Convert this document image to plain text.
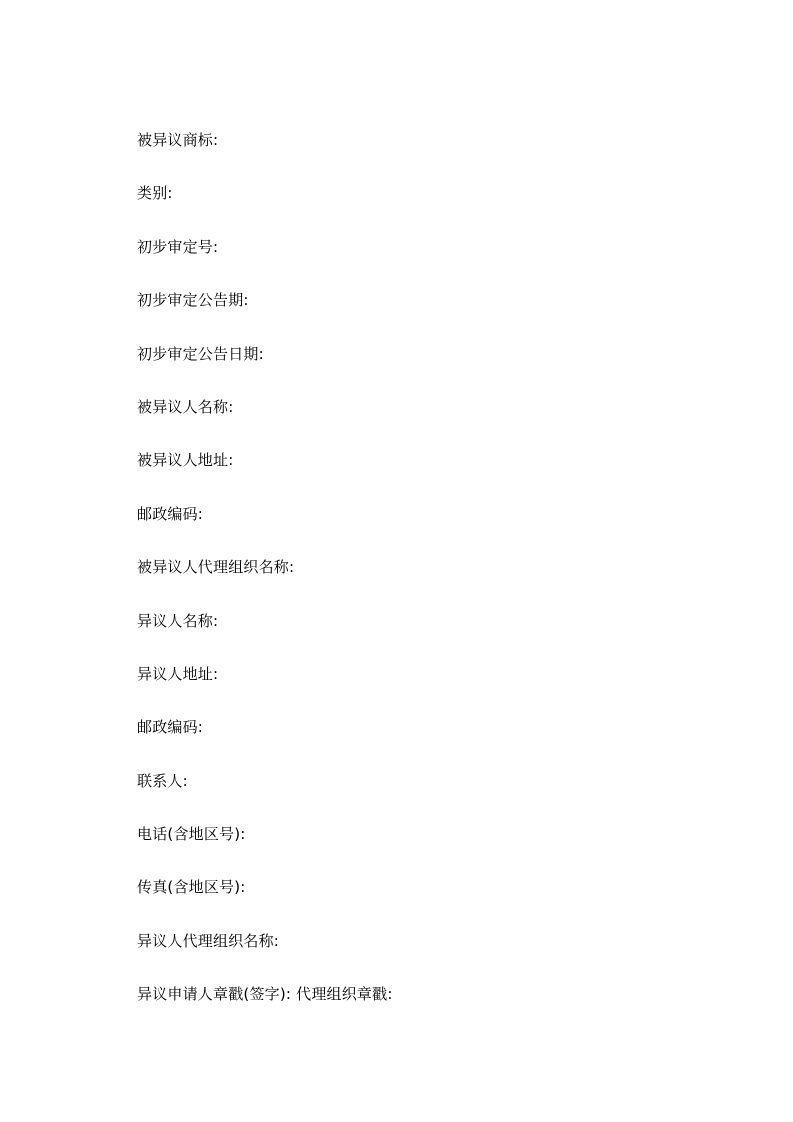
被异议商标:
类别:
初步审定号:
初步审定公告期:
初步审定公告日期:
被异议人名称:
被异议人地址:
邮政编码:
被异议人代理组织名称:
异议人名称:
异议人地址:
邮政编码:
联系人:
电话(含地区号):
传真(含地区号):
异议人代理组织名称:
异议申请人章戳(签字): 代理组织章戳:
